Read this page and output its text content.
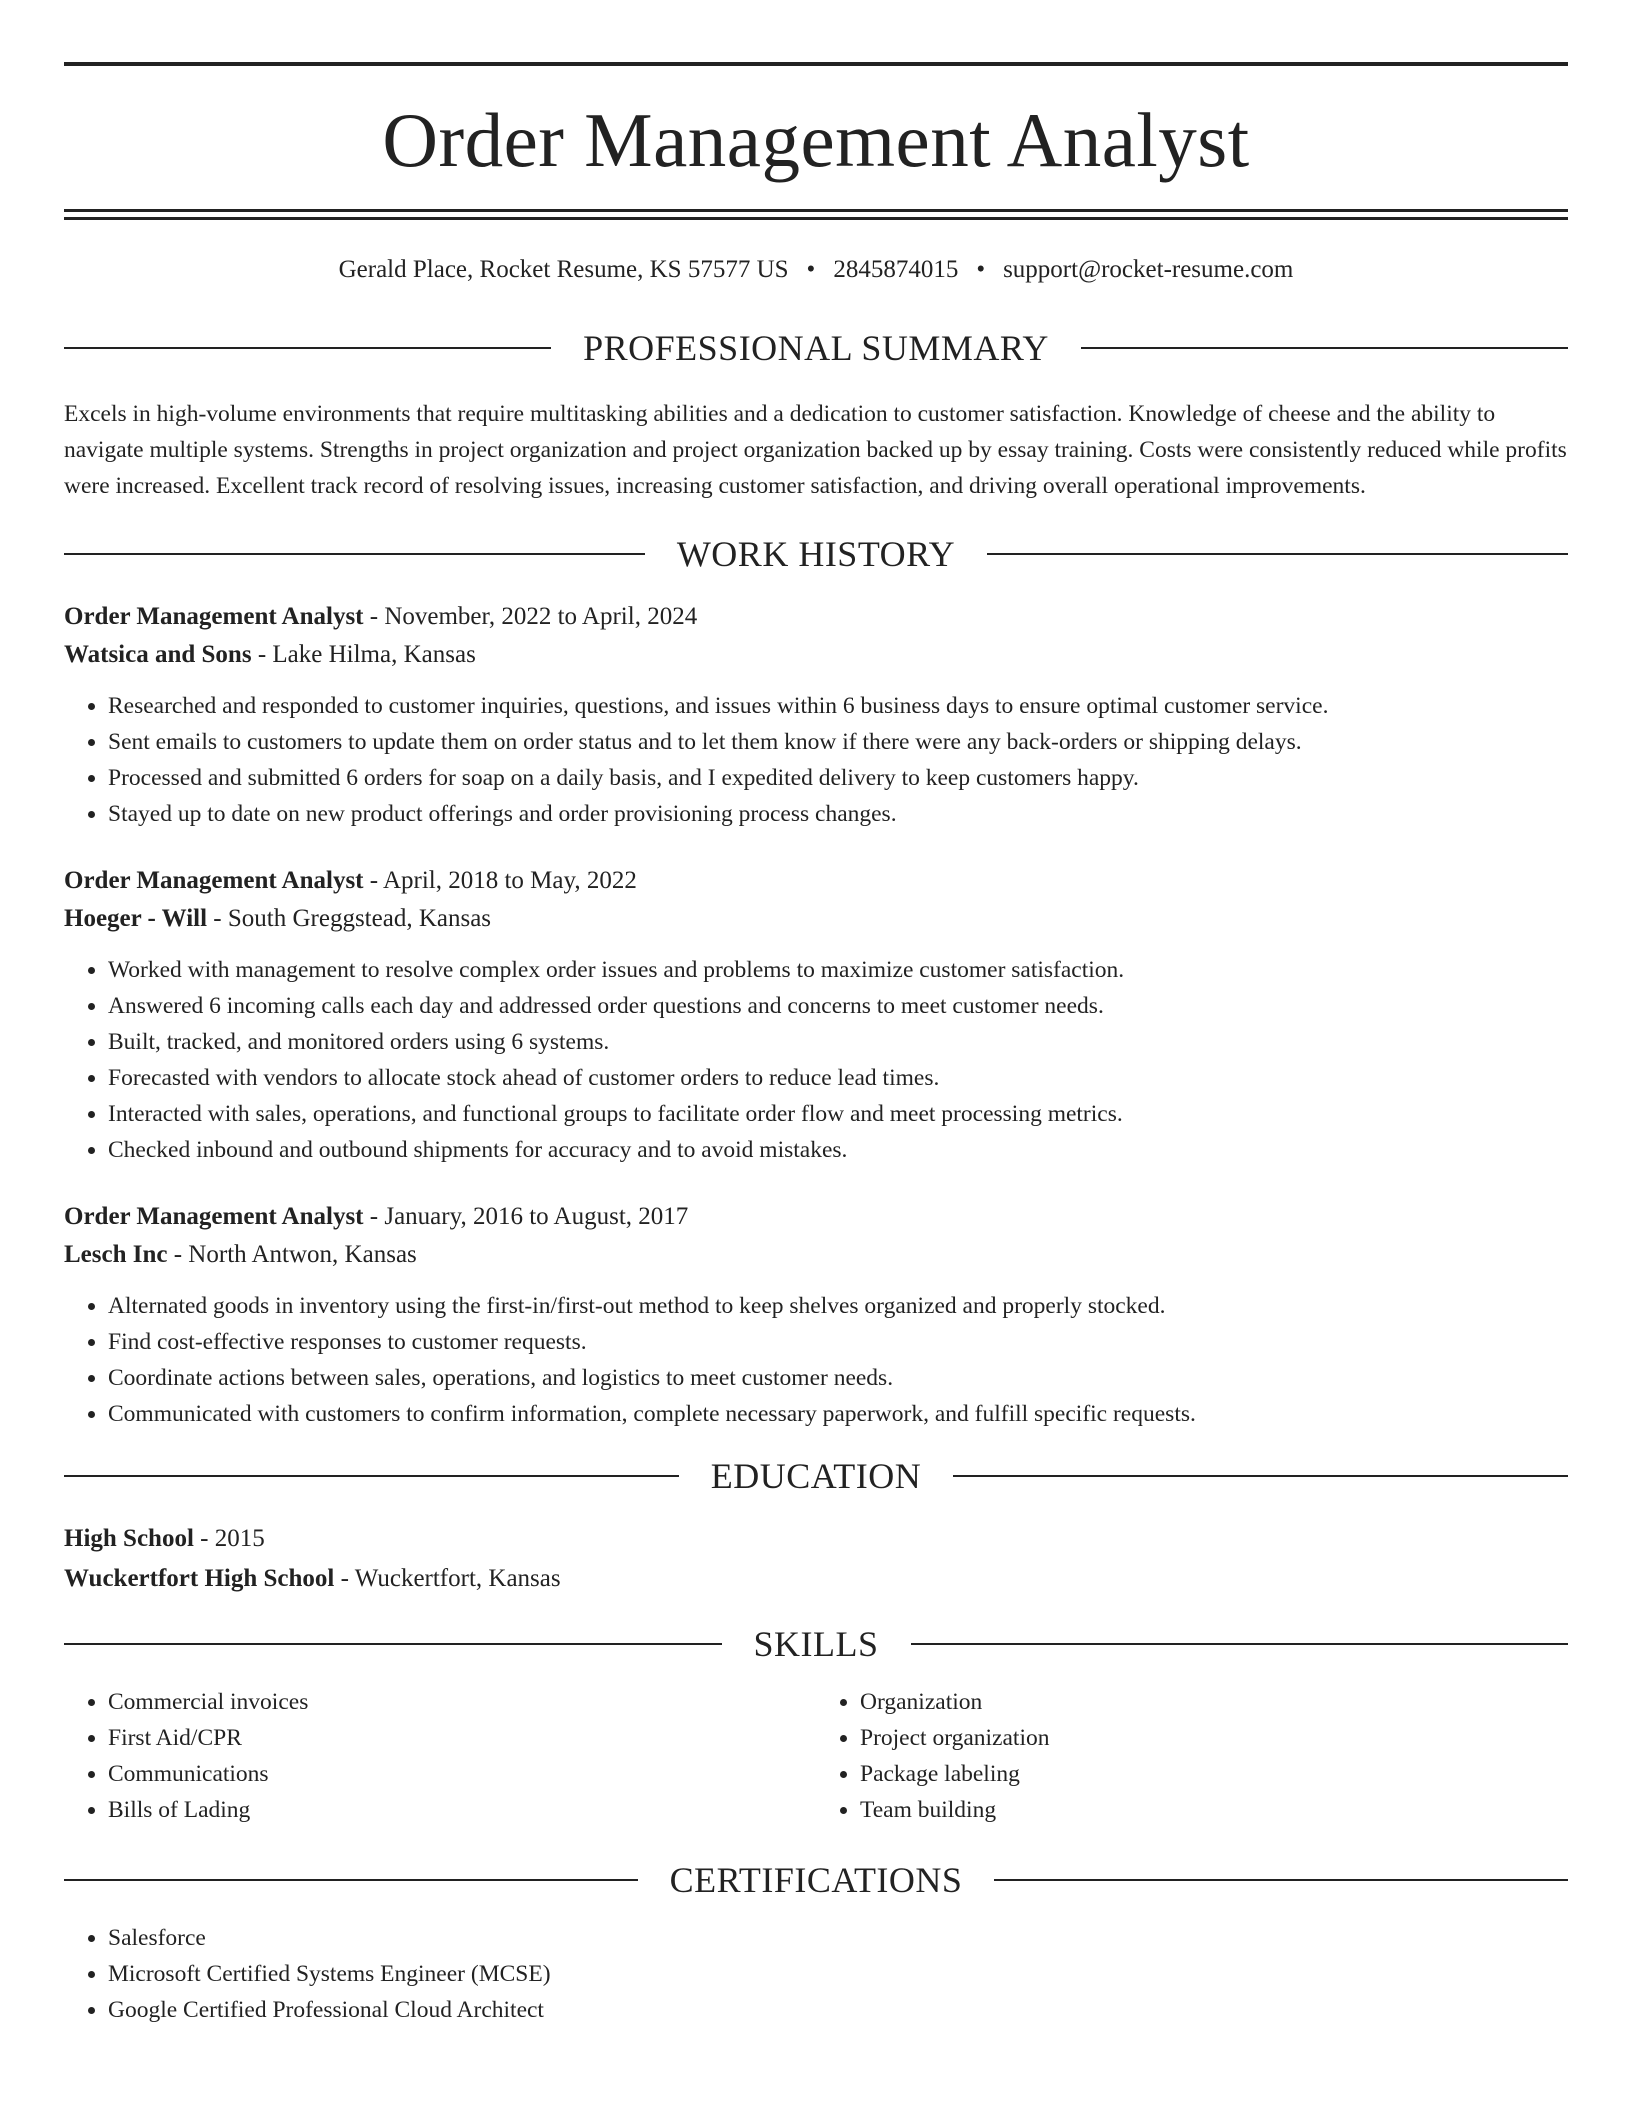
Order Management Analyst
Gerald Place, Rocket Resume, KS 57577 US • 2845874015 • support@rocket-resume.com
PROFESSIONAL SUMMARY

Excels in high-volume environments that require multitasking abilities and a dedication to customer satisfaction. Knowledge of cheese and the ability to navigate multiple systems. Strengths in project organization and project organization backed up by essay training. Costs were consistently reduced while profits were increased. Excellent track record of resolving issues, increasing customer satisfaction, and driving overall operational improvements.

WORK HISTORY

Order Management Analyst - November, 2022 to April, 2024

Watsica and Sons - Lake Hilma, Kansas

• Researched and responded to customer inquiries, questions, and issues within 6 business days to ensure optimal customer service.
• Sent emails to customers to update them on order status and to let them know if there were any back-orders or shipping delays.
• Processed and submitted 6 orders for soap on a daily basis, and I expedited delivery to keep customers happy.
• Stayed up to date on new product offerings and order provisioning process changes.

Order Management Analyst - April, 2018 to May, 2022

Hoeger - Will - South Greggstead, Kansas

• Worked with management to resolve complex order issues and problems to maximize customer satisfaction.
• Answered 6 incoming calls each day and addressed order questions and concerns to meet customer needs.
• Built, tracked, and monitored orders using 6 systems.
• Forecasted with vendors to allocate stock ahead of customer orders to reduce lead times.
• Interacted with sales, operations, and functional groups to facilitate order flow and meet processing metrics.
• Checked inbound and outbound shipments for accuracy and to avoid mistakes.

Order Management Analyst - January, 2016 to August, 2017

Lesch Inc - North Antwon, Kansas

• Alternated goods in inventory using the first-in/first-out method to keep shelves organized and properly stocked.
• Find cost-effective responses to customer requests.
• Coordinate actions between sales, operations, and logistics to meet customer needs.
• Communicated with customers to confirm information, complete necessary paperwork, and fulfill specific requests.
EDUCATION

High School - 2015

Wuckertfort High School - Wuckertfort, Kansas

SKILLS
• Commercial invoices
• First Aid/CPR
• Communications
• Bills of Lading
• Organization
• Project organization
• Package labeling
• Team building
CERTIFICATIONS
• Salesforce
• Microsoft Certified Systems Engineer (MCSE)
• Google Certified Professional Cloud Architect
